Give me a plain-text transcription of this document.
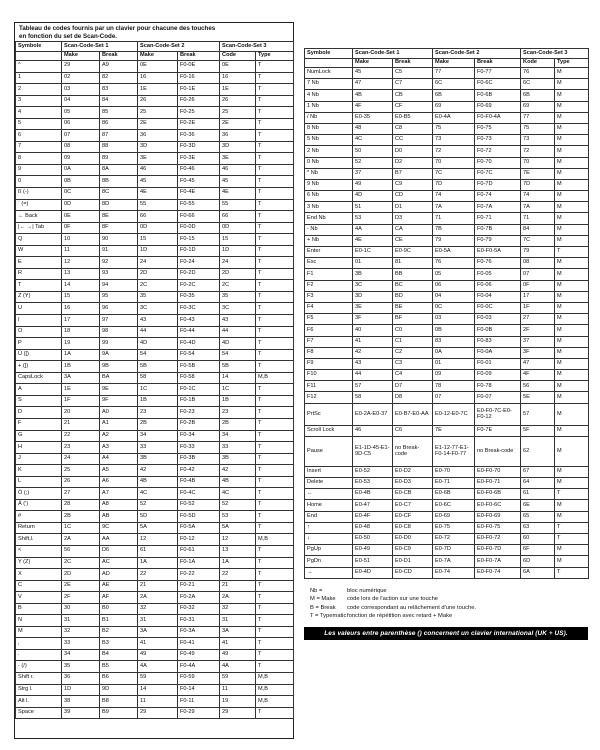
Tableau de codes fournis par un clavier pour chacune des touches
en fonction du set de Scan-Code.
Symbole	Scan-Code-Set 1		Scan-Code-Set 2		Scan-Code-Set 3	
	Make	Break	Make	Break	Code	Type
^	29	A9	0E	F0-0E	0E	T
1	02	82	16	F0-16	16	T
2	03	83	1E	F0-1E	1E	T
3	04	84	26	F0-26	26	T
4	05	85	25	F0-25	25	T
5	06	86	2E	F0-2E	2E	T
6	07	87	36	F0-36	36	T
7	08	88	3D	F0-3D	3D	T
8	09	89	3E	F0-3E	3E	T
9	0A	8A	46	F0-46	46	T
0	0B	8B	45	F0-45	45	T
ß (-)	0C	8C	4E	F0-4E	4E	T
´ (=)	0D	8D	55	F0-55	55	T
← Back	0E	8E	66	F0-66	66	T
|← →| Tab	0F	8F	0D	F0-0D	0D	T
Q	10	90	15	F0-15	15	T
W	11	91	1D	F0-1D	1D	T
E	12	92	24	F0-24	24	T
R	13	93	2D	F0-2D	2D	T
T	14	94	2C	F0-2C	2C	T
Z (Y)	15	95	35	F0-35	35	T
U	16	96	3C	F0-3C	3C	T
I	17	97	43	F0-43	43	T
O	18	98	44	F0-44	44	T
P	19	99	4D	F0-4D	4D	T
Ü ([)	1A	9A	54	F0-54	54	T
+ (])	1B	9B	5B	F0-5B	5B	T
CapsLock	3A	BA	58	F0-58	14	M,B
A	1E	9E	1C	F0-1C	1C	T
S	1F	9F	1B	F0-1B	1B	T
D	20	A0	23	F0-23	23	T
F	21	A1	2B	F0-2B	2B	T
G	22	A2	34	F0-34	34	T
H	23	A3	33	F0-33	33	T
J	24	A4	3B	F0-3B	3B	T
K	25	A5	42	F0-42	42	T
L	26	A6	4B	F0-4B	4B	T
Ö (;)	27	A7	4C	F0-4C	4C	T
Ä (')	28	A8	52	F0-52	52	T
#	2B	AB	5D	F0-5D	53	T
Return	1C	9C	5A	F0-5A	5A	T
Shift,l.	2A	AA	12	F0-12	12	M,B
<	56	D6	61	F0-61	13	T
Y (Z)	2C	AC	1A	F0-1A	1A	T
X	2D	AD	22	F0-22	22	T
C	2E	AE	21	F0-21	21	T
V	2F	AF	2A	F0-2A	2A	T
B	30	B0	32	F0-32	32	T
N	31	B1	31	F0-31	31	T
M	32	B2	3A	F0-3A	3A	T
,	33	B3	41	F0-41	41	T
.	34	B4	49	F0-49	49	T
- (/)	35	B5	4A	F0-4A	4A	T
Shift r.	36	B6	59	F0-59	59	M,B
Strg l.	1D	9D	14	F0-14	11	M,B
Alt l.	38	B8	11	F0-11	19	M,B
Space	39	B9	29	F0-29	29	T
Symbole	Scan-Code-Set 1		Scan-Code-Set 2		Scan-Code-Set 3	
	Make	Break	Make	Break	Kode	Type
NumLock	45	C5	77	F0-77	76	M
7 Nb	47	C7	6C	F0-6C	6C	M
4 Nb	4B	CB	6B	F0-6B	6B	M
1 Nb	4F	CF	69	F0-69	69	M
/ Nb	E0-35	E0-B5	E0-4A	F0-F0-4A	77	M
8 Nb	48	C8	75	F0-75	75	M
5 Nb	4C	CC	73	F0-73	73	M
2 Nb	50	D0	72	F0-72	72	M
0 Nb	52	D2	70	F0-70	70	M
* Nb	37	B7	7C	F0-7C	7E	M
9 Nb	49	C9	7D	F0-7D	7D	M
6 Nb	4D	CD	74	F0-74	74	M
3 Nb	51	D1	7A	F0-7A	7A	M
End Nb	53	D3	71	F0-71	71	M
- Nb	4A	CA	7B	F0-7B	84	M
+ Nb	4E	CE	79	F0-79	7C	M
Enter	E0-1C	E0-9C	E0-5A	E0-F0-5A	79	T
Esc	01	81	76	F0-76	08	M
F1	3B	BB	05	F0-05	07	M
F2	3C	BC	06	F0-06	0F	M
F3	3D	BD	04	F0-04	17	M
F4	3E	BE	0C	F0-0C	1F	M
F5	3F	BF	03	F0-03	27	M
F6	40	C0	0B	F0-0B	2F	M
F7	41	C1	83	F0-83	37	M
F8	42	C2	0A	F0-0A	3F	M
F9	43	C3	01	F0-01	47	M
F10	44	C4	09	F0-09	4F	M
F11	57	D7	78	F0-78	56	M
F12	58	D8	07	F0-07	5E	M
PrtSc	E0-2A-E0-37	E0-B7-E0-AA	E0-12-E0-7C	E0-F0-7C-E0-F0-12	57	M
Scroll Lock	46	C6	7E	F0-7E	5F	M
Pause	E1-1D-45-E1-9D-C5	no Break-code	E1-12-77-E1-F0-14-F0-77	no Break-code	62	M
Insert	E0-52	E0-D2	E0-70	E0-F0-70	67	M
Delete	E0-53	E0-D3	E0-71	E0-F0-71	64	M
←	E0-4B	E0-CB	E0-6B	E0-F0-6B	61	T
Home	E0-47	E0-C7	E0-6C	E0-F0-6C	6E	M
End	E0-4F	E0-CF	E0-69	E0-F0-69	65	M
↑	E0-48	E0-C8	E0-75	E0-F0-75	63	T
↓	E0-50	E0-D0	E0-72	E0-F0-72	60	T
PgUp	E0-49	E0-C9	E0-7D	E0-F0-7D	6F	M
PgDn	E0-51	E0-D1	E0-7A	E0-F0-7A	6D	M
→	E0-4D	E0-CD	E0-74	E0-F0-74	6A	T
Nb =	bloc numérique
M = Make	code lors de l'action sur une touche
B = Break	code correspondant au relâchement d'une touche.
T = Typematic fonction de répétition avec retard + Make
Les valeurs entre parenthèse () concernent un clavier international (UK + US).
